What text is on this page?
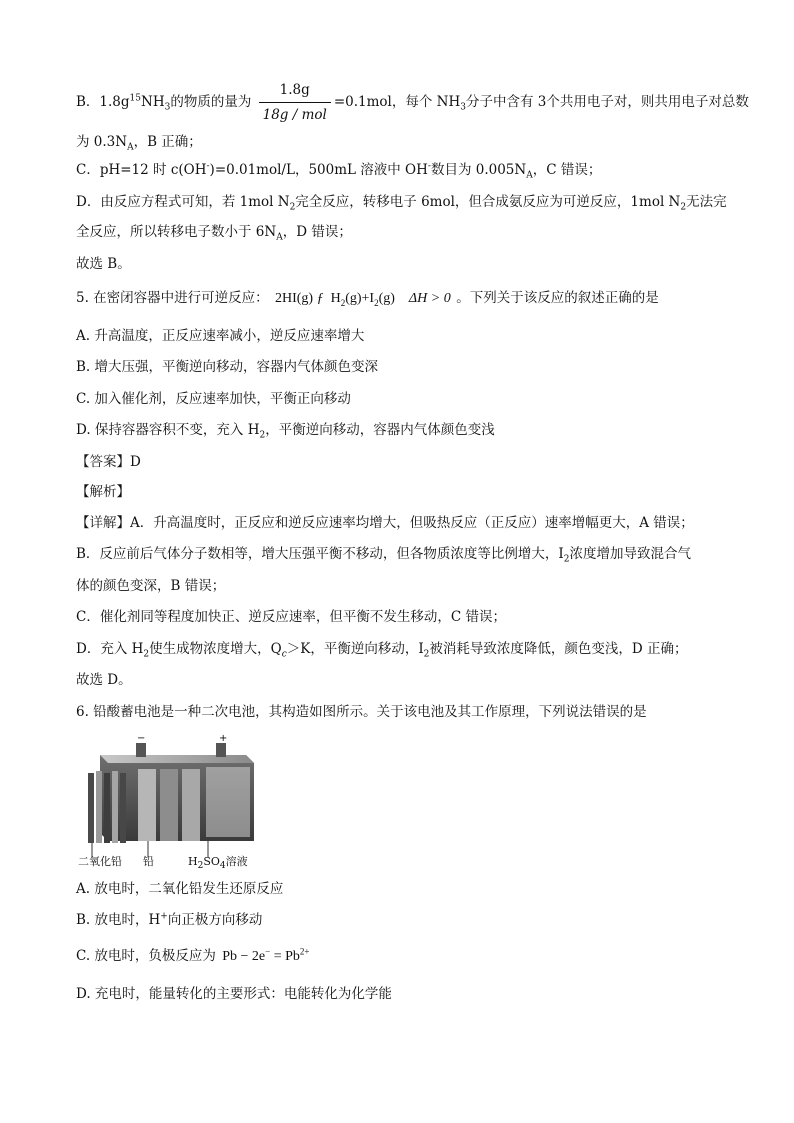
B．$1.8g^{15}NH_3$的物质的量为 $\frac{1.8g}{\text{18g / mol}} =0.1mol$，每个 $NH_3$分子中含有 3个共用电子对，则共用电子对总数
为 $0.3N_A$，B 正确；
C．pH=12 时 c(OH-)=0.01mol/L，500mL 溶液中 OH-数目为 $0.005N_A$，C 错误；
D．由反应方程式可知，若 1mol $N_2$完全反应，转移电子 6mol，但合成氨反应为可逆反应，1mol $N_2$无法完
全反应，所以转移电子数小于 $6N_A$，D 错误；
故选 B。
5. 在密闭容器中进行可逆反应： 2HI(g) ƒ $H_2(g)+I_2(g) \Delta H > 0$ 。下列关于该反应的叙述正确的是
A. 升高温度，正反应速率减小，逆反应速率增大
B. 增大压强，平衡逆向移动，容器内气体颜色变深
C. 加入催化剂，反应速率加快，平衡正向移动
D. 保持容器容积不变，充入 $H_2$，平衡逆向移动，容器内气体颜色变浅
【答案】D
【解析】
【详解】A．升高温度时，正反应和逆反应速率均增大，但吸热反应（正反应）速率增幅更大，A 错误；
B．反应前后气体分子数相等，增大压强平衡不移动，但各物质浓度等比例增大，$I_2$浓度增加导致混合气
体的颜色变深，B 错误；
C．催化剂同等程度加快正、逆反应速率，但平衡不发生移动，C 错误；
D．充入 $H_2$使生成物浓度增大，$Q_c>K$，平衡逆向移动，$I_2$被消耗导致浓度降低，颜色变浅，D 正确；
故选 D。
6. 铅酸蓄电池是一种二次电池，其构造如图所示。关于该电池及其工作原理，下列说法错误的是
−	+
二氧化铅 铅	$H_2SO_4$溶液
A. 放电时，二氧化铅发生还原反应
B. 放电时，H+向正极方向移动
C. 放电时，负极反应为 $Pb - 2e^- = Pb^{2+}$
D. 充电时，能量转化的主要形式：电能转化为化学能
